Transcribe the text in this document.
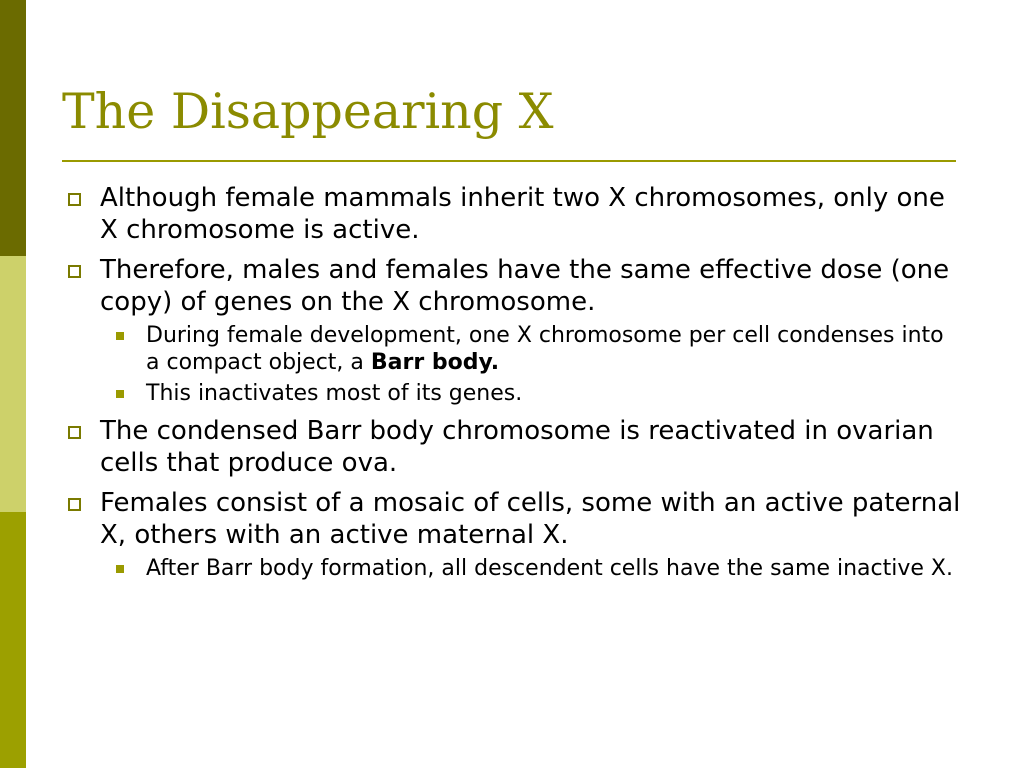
The Disappearing X
Although female mammals inherit two X chromosomes, only one X chromosome is active.
Therefore, males and females have the same effective dose (one copy) of genes on the X chromosome.
During female development, one X chromosome per cell condenses into a compact object, a Barr body.
This inactivates most of its genes.
The condensed Barr body chromosome is reactivated in ovarian cells that produce ova.
Females consist of a mosaic of cells, some with an active paternal X, others with an active maternal X.
After Barr body formation, all descendent cells have the same inactive X.
